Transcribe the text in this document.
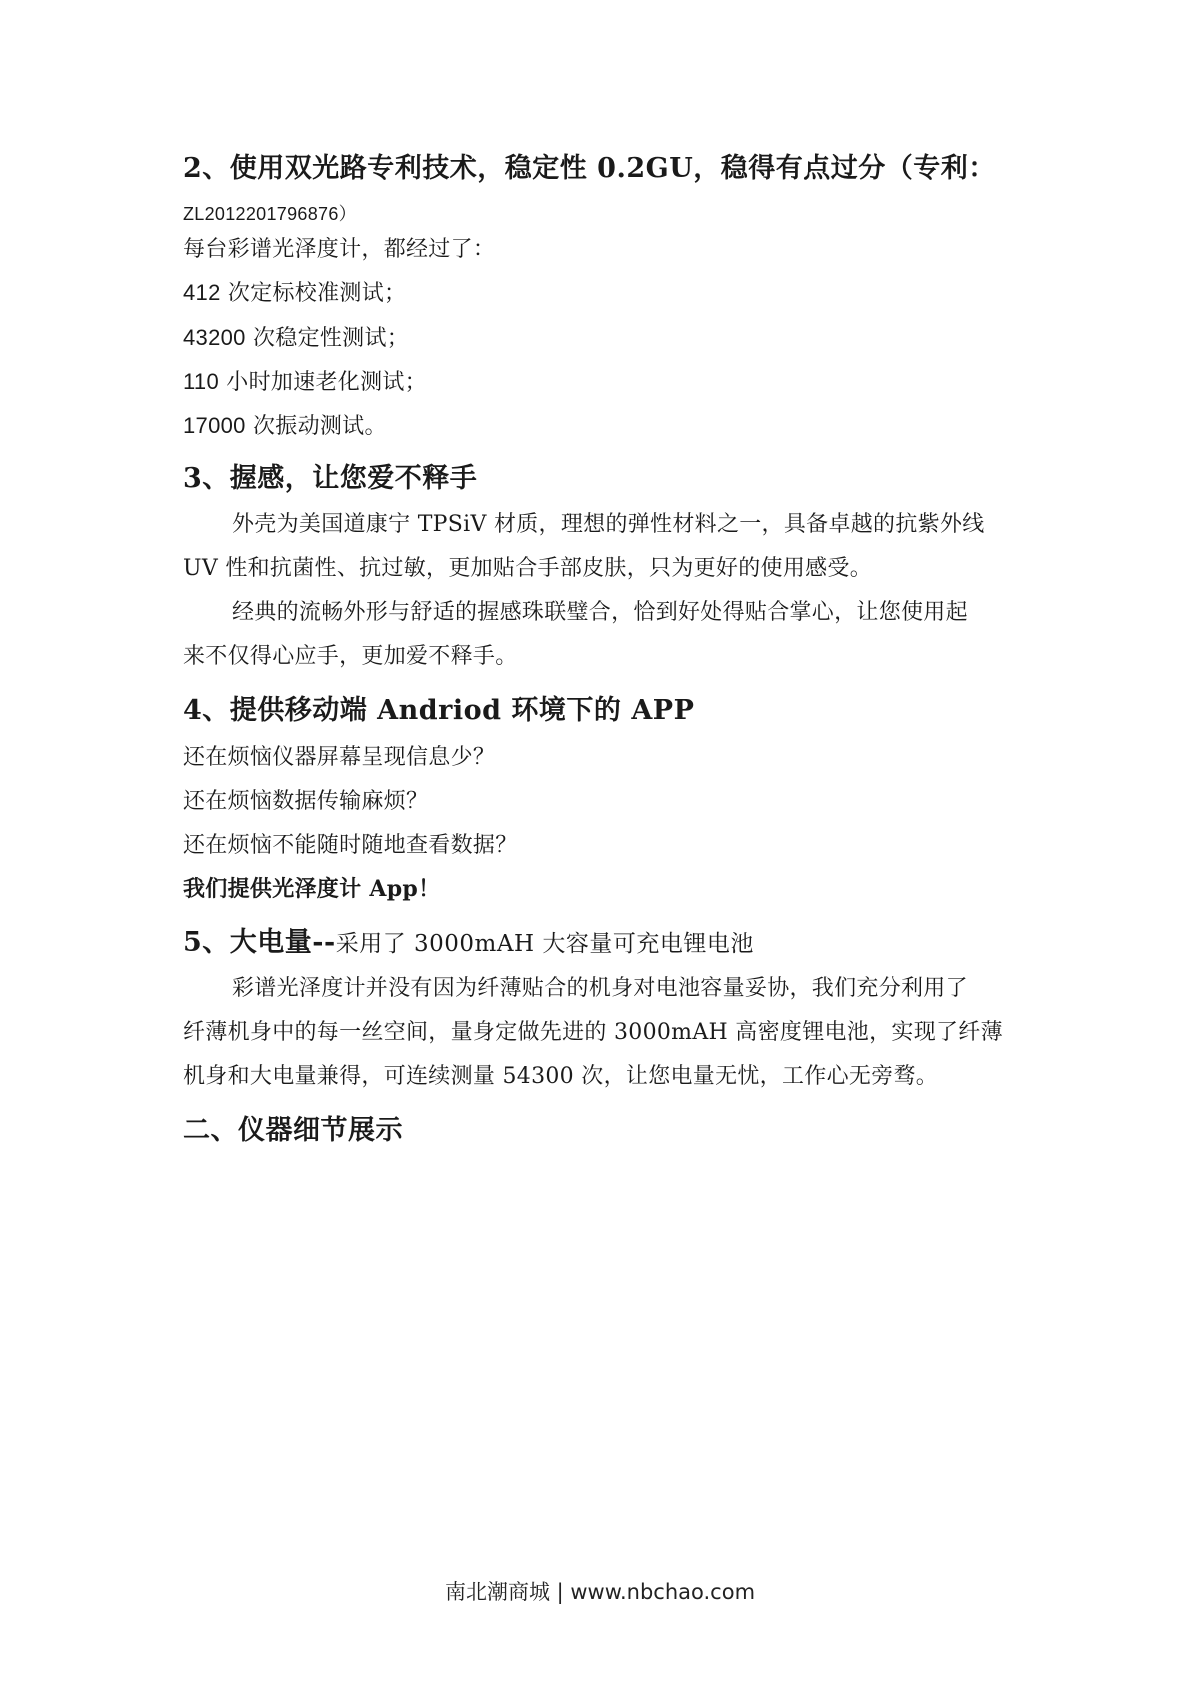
2、使用双光路专利技术，稳定性 0.2GU，稳得有点过分（专利：
ZL2012201796876）
每台彩谱光泽度计，都经过了：
412 次定标校准测试；
43200 次稳定性测试；
110 小时加速老化测试；
17000 次振动测试。
3、握感，让您爱不释手
外壳为美国道康宁 TPSiV 材质，理想的弹性材料之一，具备卓越的抗紫外线
UV 性和抗菌性、抗过敏，更加贴合手部皮肤，只为更好的使用感受。
经典的流畅外形与舒适的握感珠联璧合，恰到好处得贴合掌心，让您使用起
来不仅得心应手，更加爱不释手。
4、提供移动端 Andriod 环境下的 APP
还在烦恼仪器屏幕呈现信息少？
还在烦恼数据传输麻烦？
还在烦恼不能随时随地查看数据？
我们提供光泽度计 App！
5、大电量--采用了 3000mAH 大容量可充电锂电池
彩谱光泽度计并没有因为纤薄贴合的机身对电池容量妥协，我们充分利用了
纤薄机身中的每一丝空间，量身定做先进的 3000mAH 高密度锂电池，实现了纤薄
机身和大电量兼得，可连续测量 54300 次，让您电量无忧，工作心无旁骛。
二、仪器细节展示
南北潮商城 | www.nbchao.com
